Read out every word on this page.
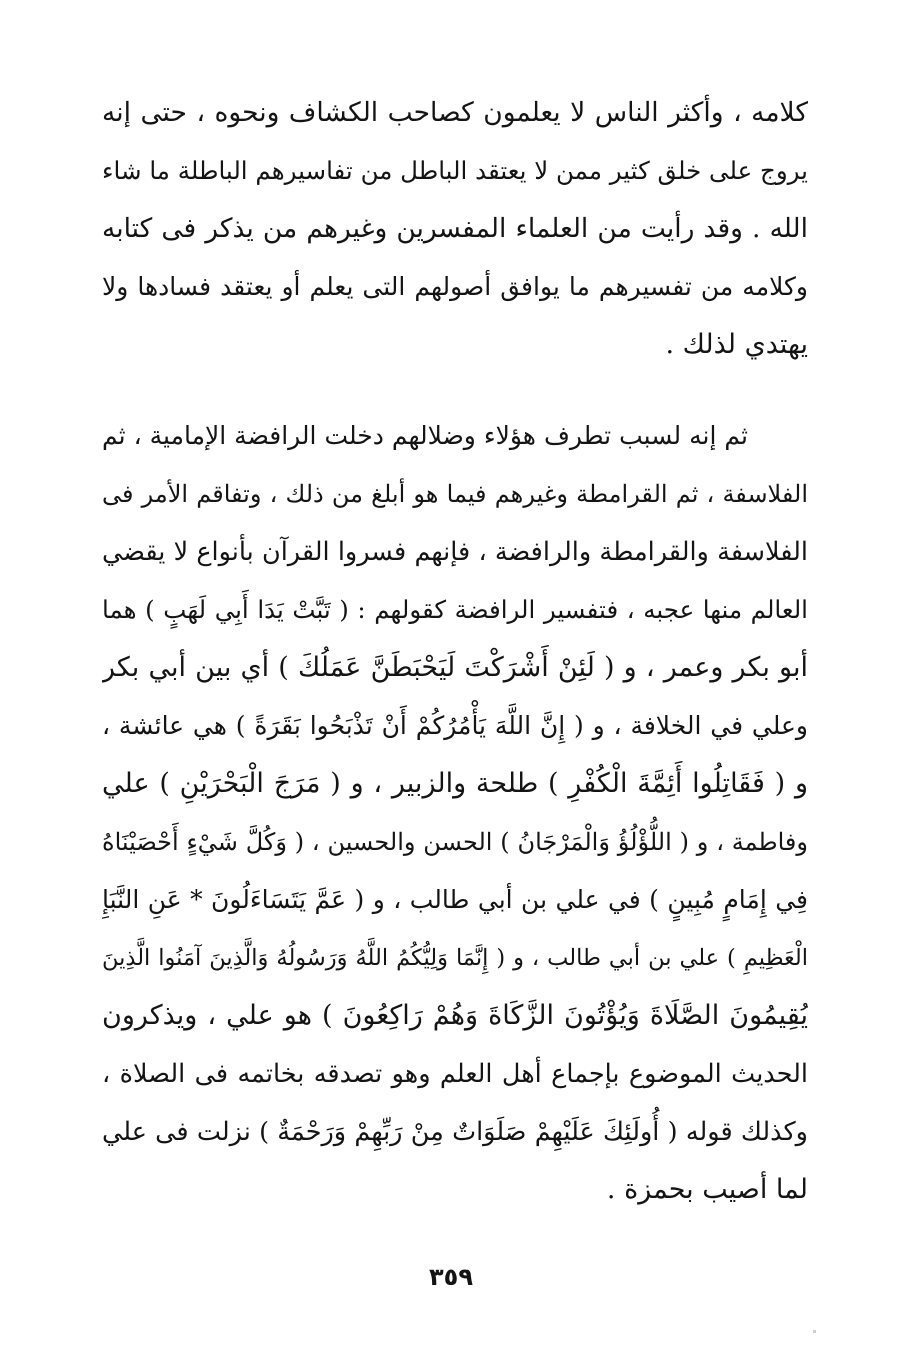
كلامه ، وأكثر الناس لا يعلمون كصاحب الكشاف ونحوه ، حتى إنه
يروج على خلق كثير ممن لا يعتقد الباطل من تفاسيرهم الباطلة ما شاء
الله . وقد رأيت من العلماء المفسرين وغيرهم من يذكر فى كتابه
وكلامه من تفسيرهم ما يوافق أصولهم التى يعلم أو يعتقد فسادها ولا
يهتدي لذلك .
ثم إنه لسبب تطرف هؤلاء وضلالهم دخلت الرافضة الإمامية ، ثم
الفلاسفة ، ثم القرامطة وغيرهم فيما هو أبلغ من ذلك ، وتفاقم الأمر فى
الفلاسفة والقرامطة والرافضة ، فإنهم فسروا القرآن بأنواع لا يقضي
العالم منها عجبه ، فتفسير الرافضة كقولهم : ( تَبَّتْ يَدَا أَبِي لَهَبٍ ) هما
أبو بكر وعمر ، و ( لَئِنْ أَشْرَكْتَ لَيَحْبَطَنَّ عَمَلُكَ ) أي بين أبي بكر
وعلي في الخلافة ، و ( إِنَّ اللَّهَ يَأْمُرُكُمْ أَنْ تَذْبَحُوا بَقَرَةً ) هي عائشة ،
و ( فَقَاتِلُوا أَئِمَّةَ الْكُفْرِ ) طلحة والزبير ، و ( مَرَجَ الْبَحْرَيْنِ ) علي
وفاطمة ، و ( اللُّؤْلُؤُ وَالْمَرْجَانُ ) الحسن والحسين ، ( وَكُلَّ شَيْءٍ أَحْصَيْنَاهُ
فِي إِمَامٍ مُبِينٍ ) في علي بن أبي طالب ، و ( عَمَّ يَتَسَاءَلُونَ * عَنِ النَّبَإِ
الْعَظِيمِ ) علي بن أبي طالب ، و ( إِنَّمَا وَلِيُّكُمُ اللَّهُ وَرَسُولُهُ وَالَّذِينَ آمَنُوا الَّذِينَ
يُقِيمُونَ الصَّلَاةَ وَيُؤْتُونَ الزَّكَاةَ وَهُمْ رَاكِعُونَ ) هو علي ، ويذكرون
الحديث الموضوع بإجماع أهل العلم وهو تصدقه بخاتمه فى الصلاة ،
وكذلك قوله ( أُولَئِكَ عَلَيْهِمْ صَلَوَاتٌ مِنْ رَبِّهِمْ وَرَحْمَةٌ ) نزلت فى علي
لما أصيب بحمزة .
٣٥٩
